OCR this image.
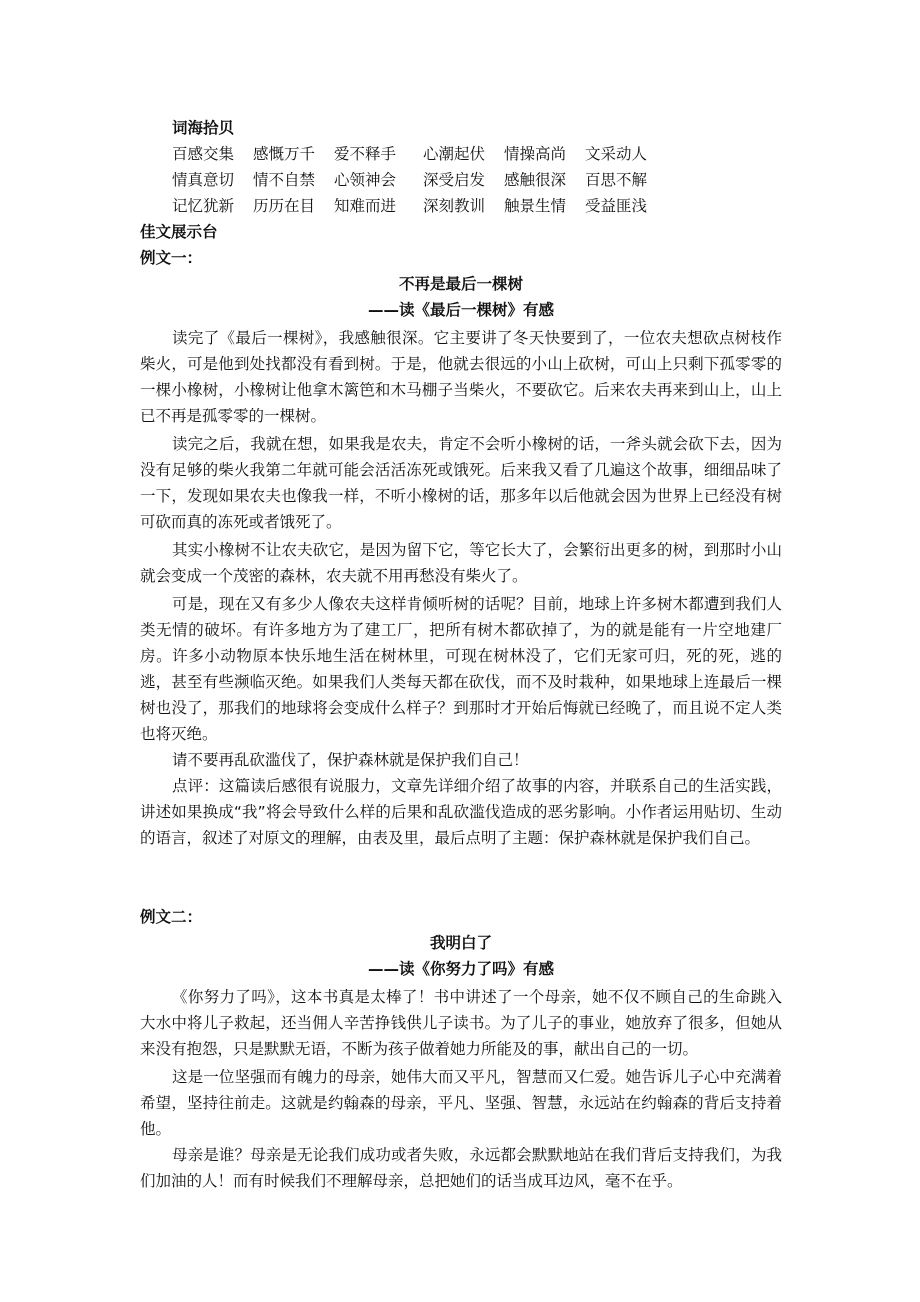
词海拾贝

百感交集	感慨万千	爱不释手	心潮起伏	情操高尚	文采动人
情真意切	情不自禁	心领神会	深受启发	感触很深	百思不解
记忆犹新	历历在目	知难而进	深刻教训	触景生情	受益匪浅

佳文展示台

例文一：

不再是最后一棵树

——读《最后一棵树》有感

读完了《最后一棵树》，我感触很深。它主要讲了冬天快要到了，一位农夫想砍点树枝作柴火，可是他到处找都没有看到树。于是，他就去很远的小山上砍树，可山上只剩下孤零零的一棵小橡树，小橡树让他拿木篱笆和木马棚子当柴火，不要砍它。后来农夫再来到山上，山上已不再是孤零零的一棵树。

读完之后，我就在想，如果我是农夫，肯定不会听小橡树的话，一斧头就会砍下去，因为没有足够的柴火我第二年就可能会活活冻死或饿死。后来我又看了几遍这个故事，细细品味了一下，发现如果农夫也像我一样，不听小橡树的话，那多年以后他就会因为世界上已经没有树可砍而真的冻死或者饿死了。

其实小橡树不让农夫砍它，是因为留下它，等它长大了，会繁衍出更多的树，到那时小山就会变成一个茂密的森林，农夫就不用再愁没有柴火了。

可是，现在又有多少人像农夫这样肯倾听树的话呢？目前，地球上许多树木都遭到我们人类无情的破坏。有许多地方为了建工厂，把所有树木都砍掉了，为的就是能有一片空地建厂房。许多小动物原本快乐地生活在树林里，可现在树林没了，它们无家可归，死的死，逃的逃，甚至有些濒临灭绝。如果我们人类每天都在砍伐，而不及时栽种，如果地球上连最后一棵树也没了，那我们的地球将会变成什么样子？到那时才开始后悔就已经晚了，而且说不定人类也将灭绝。

请不要再乱砍滥伐了，保护森林就是保护我们自己！

点评：这篇读后感很有说服力，文章先详细介绍了故事的内容，并联系自己的生活实践，讲述如果换成“我”将会导致什么样的后果和乱砍滥伐造成的恶劣影响。小作者运用贴切、生动的语言，叙述了对原文的理解，由表及里，最后点明了主题：保护森林就是保护我们自己。

例文二：

我明白了

——读《你努力了吗》有感

《你努力了吗》，这本书真是太棒了！书中讲述了一个母亲，她不仅不顾自己的生命跳入大水中将儿子救起，还当佣人辛苦挣钱供儿子读书。为了儿子的事业，她放弃了很多，但她从来没有抱怨，只是默默无语，不断为孩子做着她力所能及的事，献出自己的一切。

这是一位坚强而有魄力的母亲，她伟大而又平凡，智慧而又仁爱。她告诉儿子心中充满着希望，坚持往前走。这就是约翰森的母亲，平凡、坚强、智慧，永远站在约翰森的背后支持着他。

母亲是谁？母亲是无论我们成功或者失败，永远都会默默地站在我们背后支持我们，为我们加油的人！而有时候我们不理解母亲，总把她们的话当成耳边风，毫不在乎。
